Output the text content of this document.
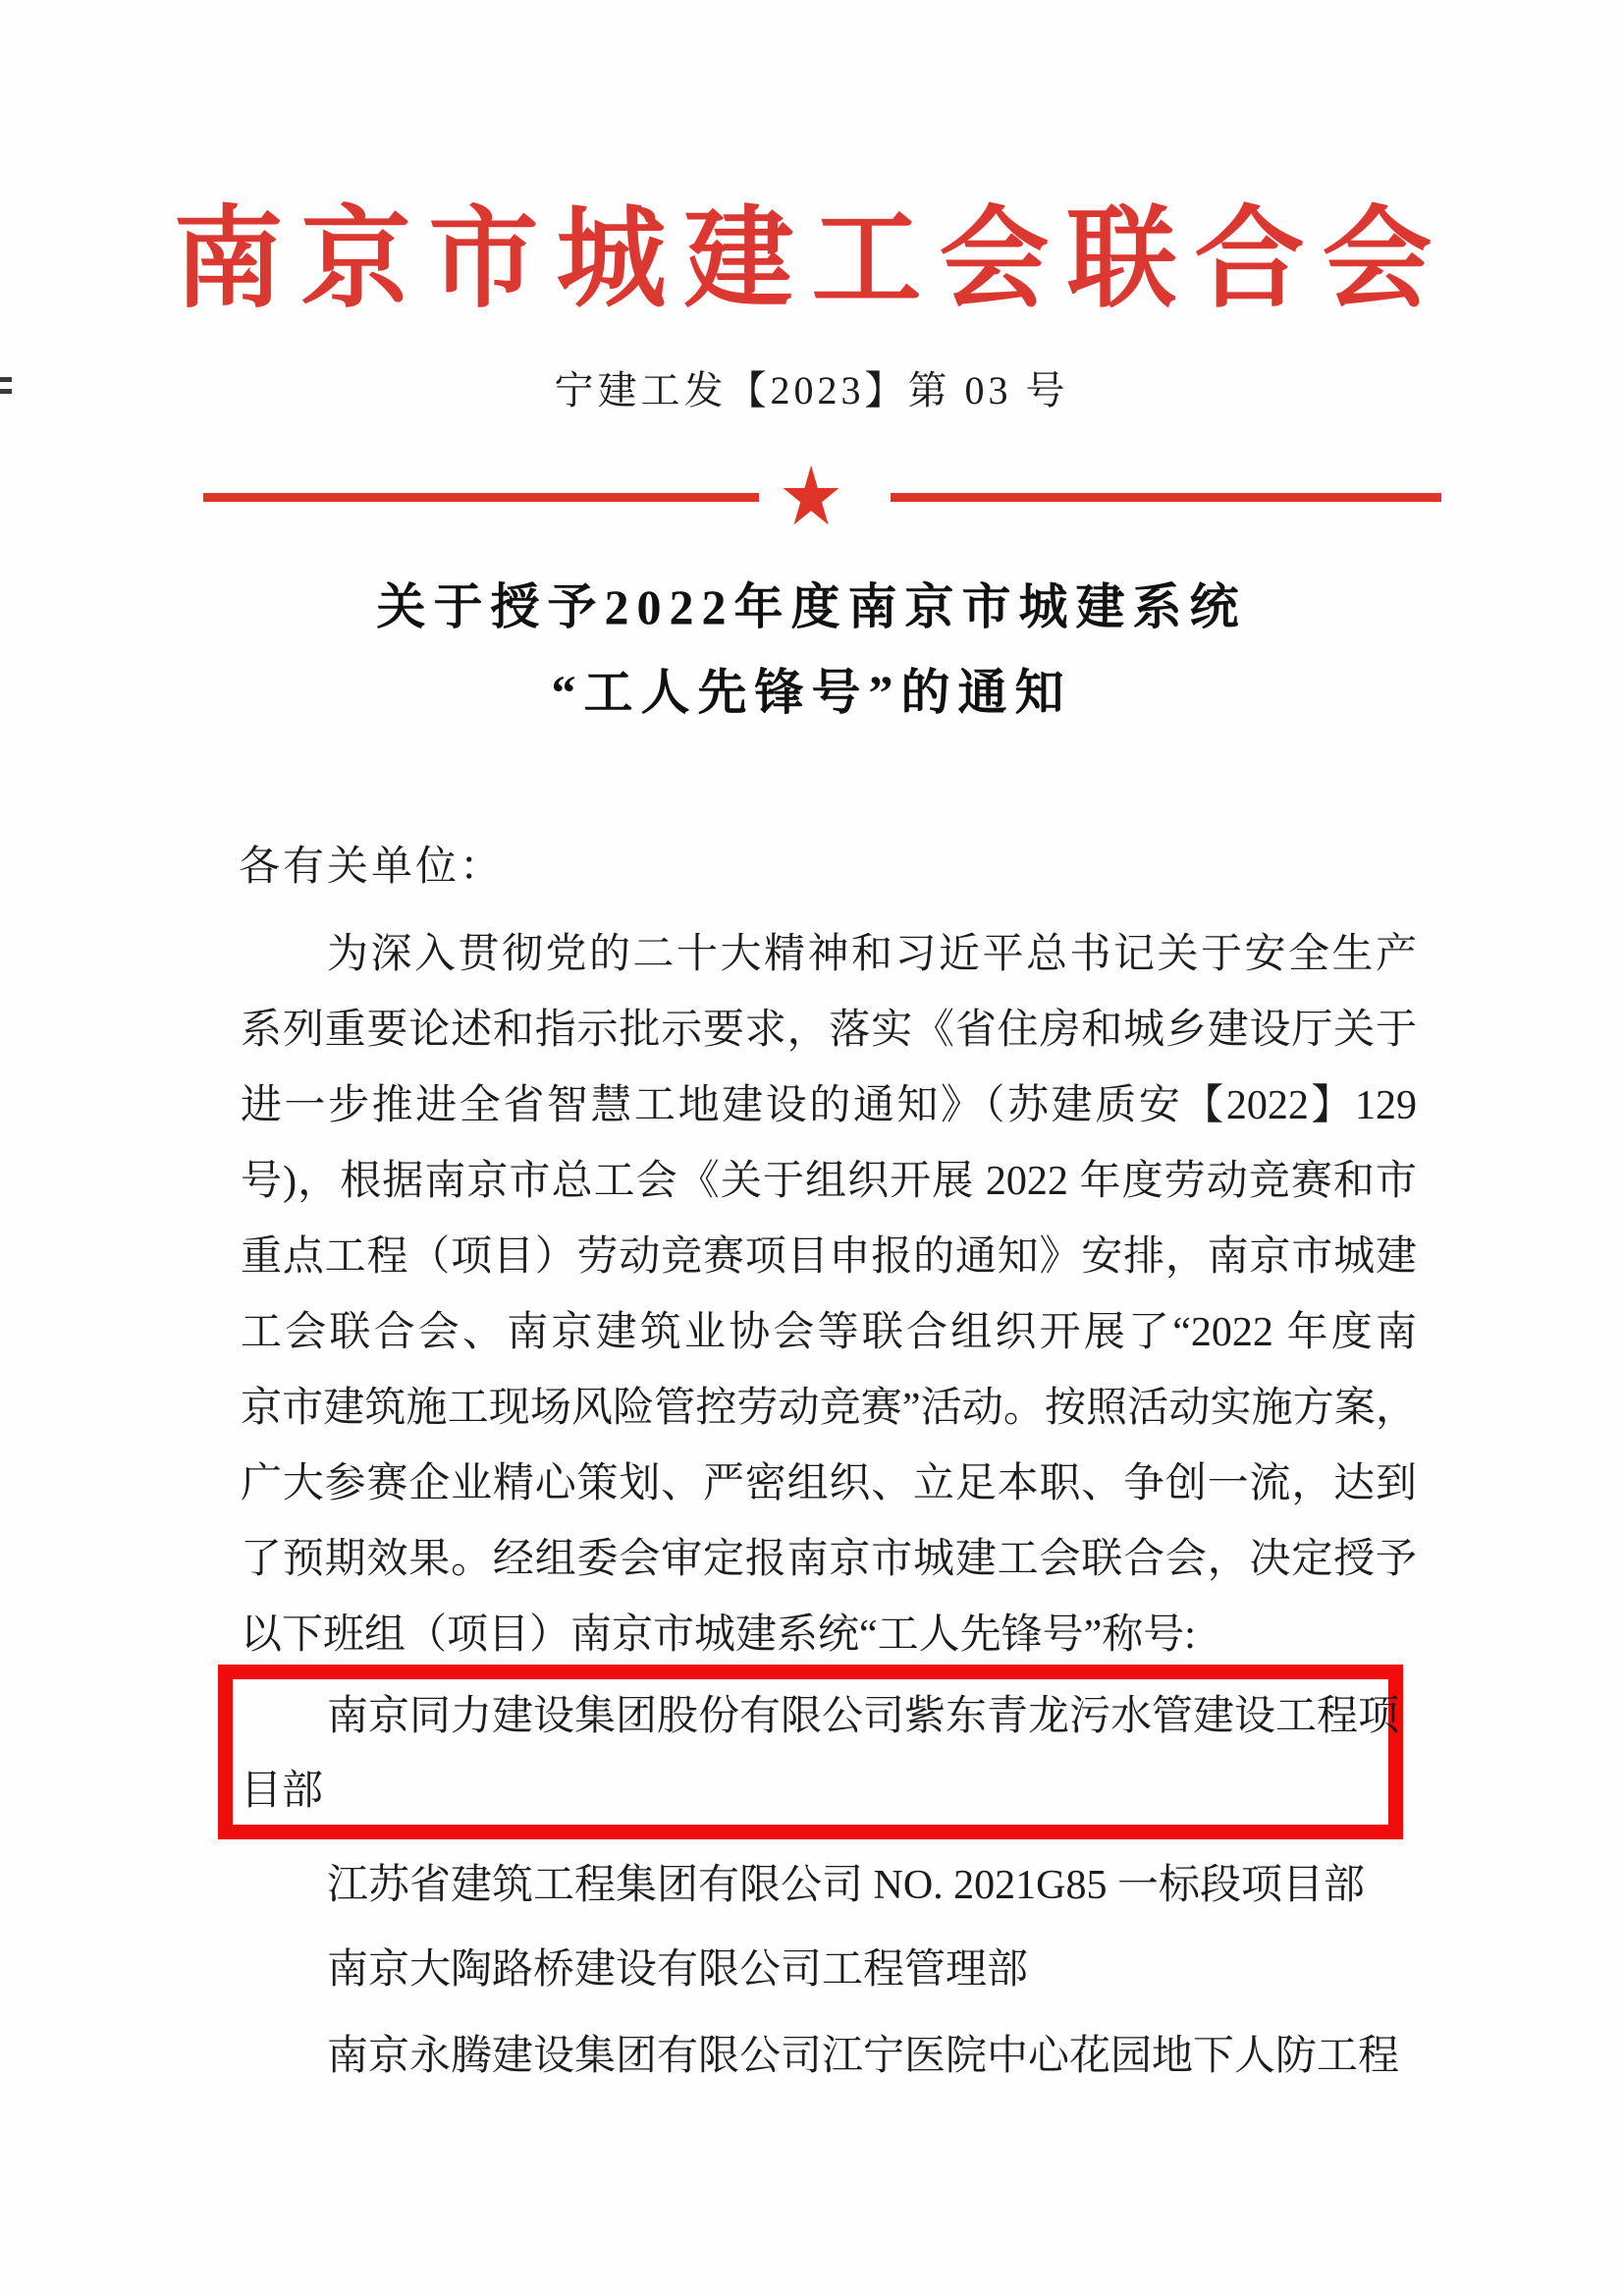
南京市城建工会联合会
宁建工发【2023】第 03 号
★
关于授予2022年度南京市城建系统
“工人先锋号”的通知
各有关单位：
为深入贯彻党的二十大精神和习近平总书记关于安全生产
系列重要论述和指示批示要求，落实《省住房和城乡建设厅关于
进一步推进全省智慧工地建设的通知》（苏建质安【2022】129
号)，根据南京市总工会《关于组织开展 2022 年度劳动竞赛和市
重点工程（项目）劳动竞赛项目申报的通知》安排，南京市城建
工会联合会、南京建筑业协会等联合组织开展了“2022 年度南
京市建筑施工现场风险管控劳动竞赛”活动。按照活动实施方案，
广大参赛企业精心策划、严密组织、立足本职、争创一流，达到
了预期效果。经组委会审定报南京市城建工会联合会，决定授予
以下班组（项目）南京市城建系统“工人先锋号”称号:
南京同力建设集团股份有限公司紫东青龙污水管建设工程项
目部
江苏省建筑工程集团有限公司 NO. 2021G85 一标段项目部
南京大陶路桥建设有限公司工程管理部
南京永腾建设集团有限公司江宁医院中心花园地下人防工程
